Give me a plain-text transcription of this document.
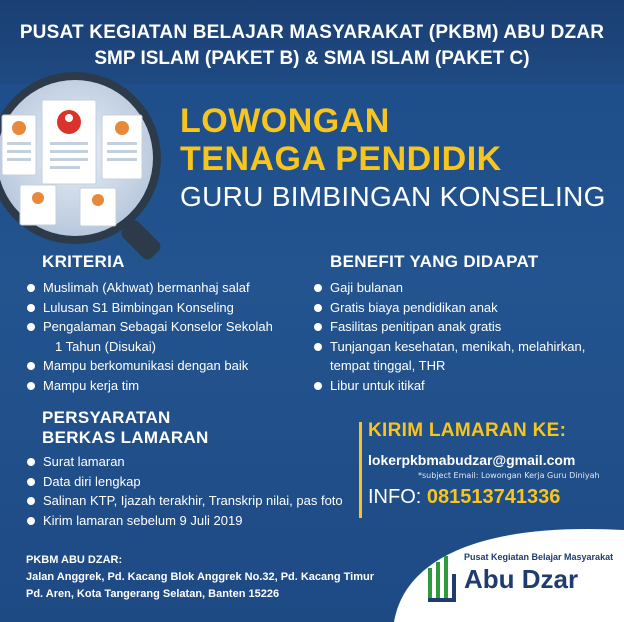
PUSAT KEGIATAN BELAJAR MASYARAKAT (PKBM) ABU DZAR
SMP ISLAM (PAKET B) & SMA ISLAM (PAKET C)
LOWONGAN
TENAGA PENDIDIK
GURU BIMBINGAN KONSELING
KRITERIA
Muslimah (Akhwat) bermanhaj salaf
Lulusan S1 Bimbingan Konseling
Pengalaman Sebagai Konselor Sekolah
1 Tahun (Disukai)
Mampu berkomunikasi dengan baik
Mampu kerja tim
BENEFIT YANG DIDAPAT
Gaji bulanan
Gratis biaya pendidikan anak
Fasilitas penitipan anak gratis
Tunjangan kesehatan, menikah, melahirkan,
tempat tinggal, THR
Libur untuk itikaf
PERSYARATAN
BERKAS LAMARAN
Surat lamaran
Data diri lengkap
Salinan KTP, Ijazah terakhir, Transkrip nilai, pas foto
Kirim lamaran sebelum 9 Juli 2019
KIRIM LAMARAN KE:
lokerpkbmabudzar@gmail.com
*subject Email: Lowongan Kerja Guru Diniyah
INFO: 081513741336
PKBM ABU DZAR:
Jalan Anggrek, Pd. Kacang Blok Anggrek No.32, Pd. Kacang Timur
Pd. Aren, Kota Tangerang Selatan, Banten 15226
Pusat Kegiatan Belajar Masyarakat
Abu Dzar
